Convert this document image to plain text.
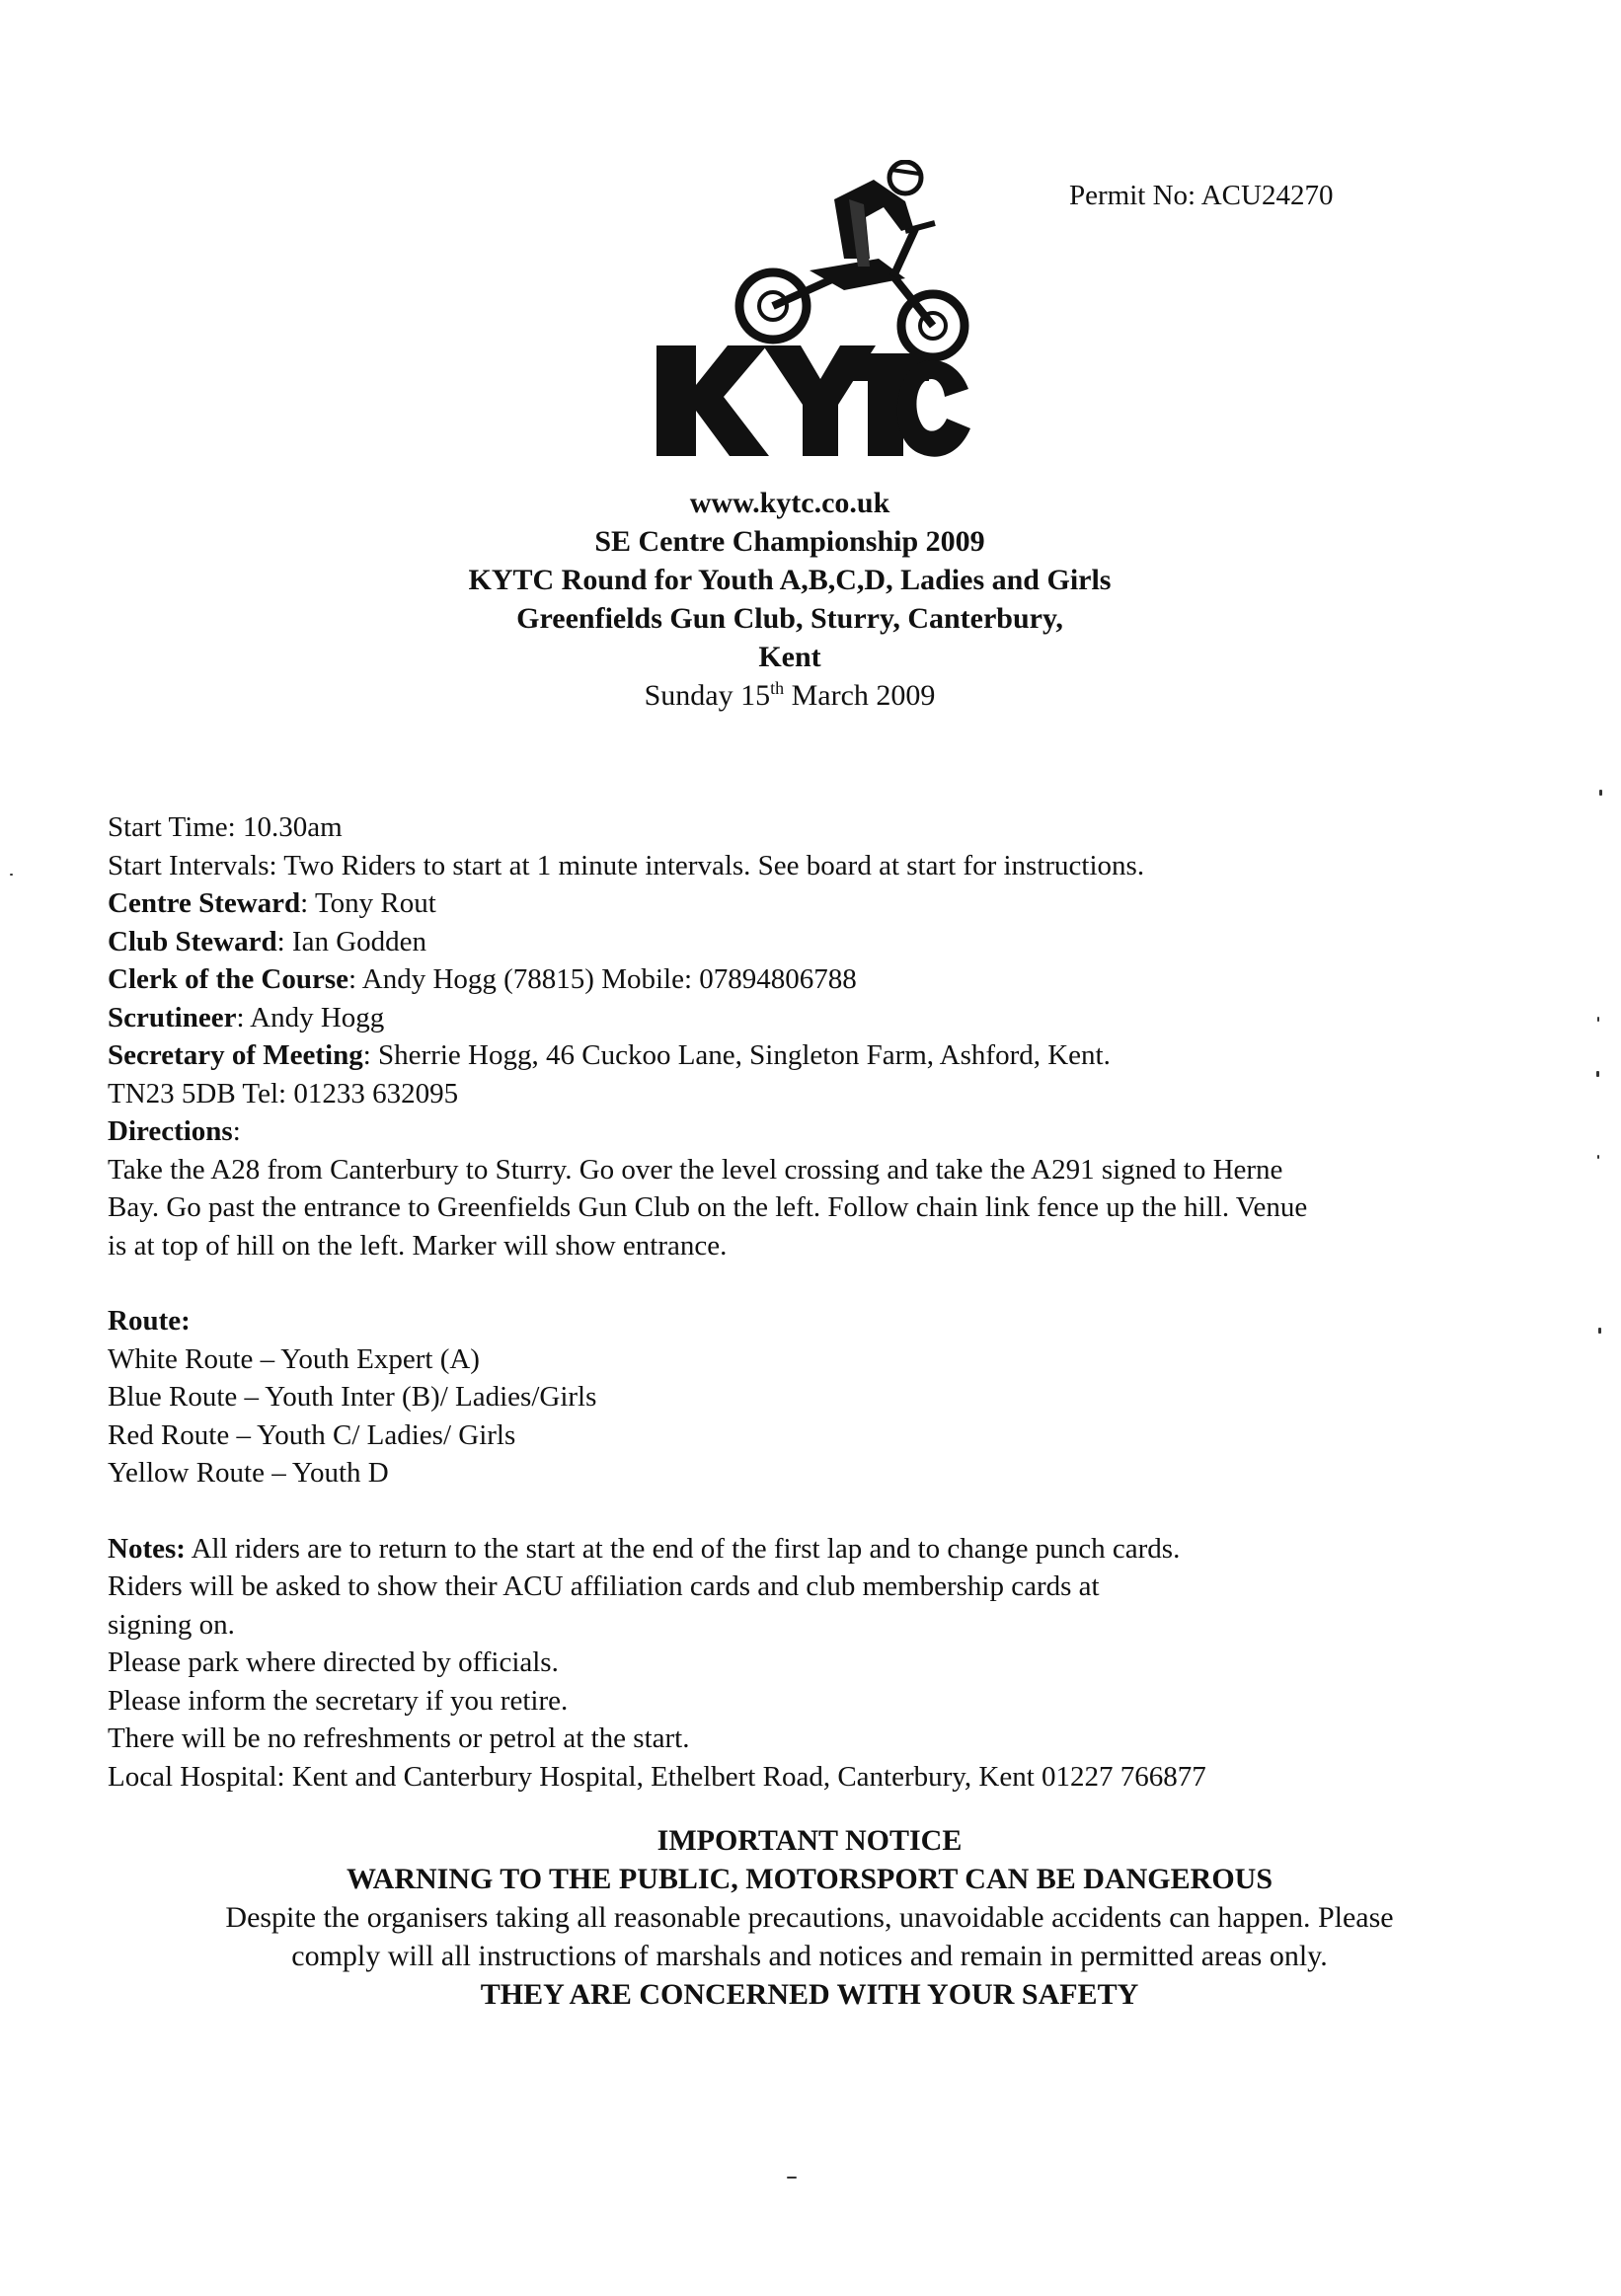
Permit No: ACU24270
www.kytc.co.uk
SE Centre Championship 2009
KYTC Round for Youth A,B,C,D, Ladies and Girls
Greenfields Gun Club, Sturry, Canterbury,
Kent
Sunday 15th March 2009
Start Time: 10.30am
Start Intervals: Two Riders to start at 1 minute intervals. See board at start for instructions.
Centre Steward: Tony Rout
Club Steward: Ian Godden
Clerk of the Course: Andy Hogg (78815) Mobile: 07894806788
Scrutineer: Andy Hogg
Secretary of Meeting: Sherrie Hogg, 46 Cuckoo Lane, Singleton Farm, Ashford, Kent.
TN23 5DB Tel: 01233 632095
Directions:
Take the A28 from Canterbury to Sturry. Go over the level crossing and take the A291 signed to Herne
Bay. Go past the entrance to Greenfields Gun Club on the left. Follow chain link fence up the hill. Venue
is at top of hill on the left. Marker will show entrance.
Route:
White Route – Youth Expert (A)
Blue Route – Youth Inter (B)/ Ladies/Girls
Red Route – Youth C/ Ladies/ Girls
Yellow Route – Youth D
Notes: All riders are to return to the start at the end of the first lap and to change punch cards.
Riders will be asked to show their ACU affiliation cards and club membership cards at
signing on.
Please park where directed by officials.
Please inform the secretary if you retire.
There will be no refreshments or petrol at the start.
Local Hospital: Kent and Canterbury Hospital, Ethelbert Road, Canterbury, Kent 01227 766877
IMPORTANT NOTICE
WARNING TO THE PUBLIC, MOTORSPORT CAN BE DANGEROUS
Despite the organisers taking all reasonable precautions, unavoidable accidents can happen. Please
comply will all instructions of marshals and notices and remain in permitted areas only.
THEY ARE CONCERNED WITH YOUR SAFETY
